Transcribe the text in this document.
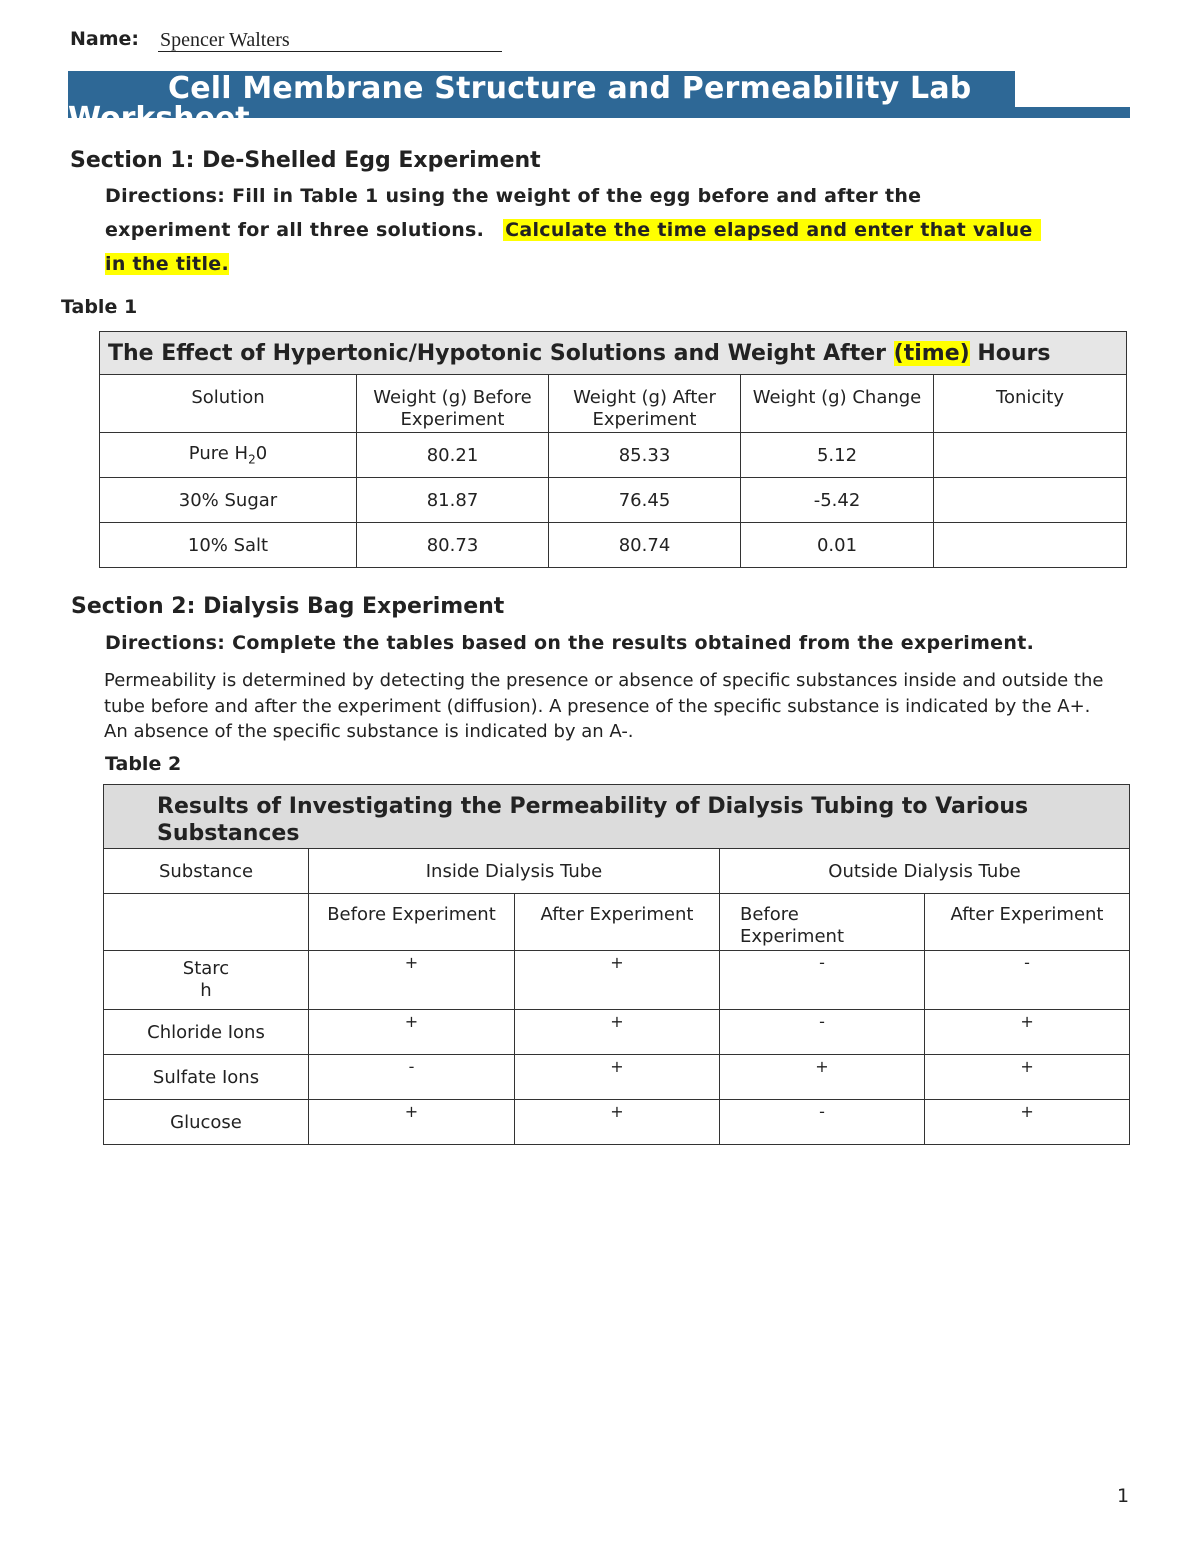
Name: Spencer Walters
Cell Membrane Structure and Permeability Lab
Worksheet
Section 1: De-Shelled Egg Experiment
Directions: Fill in Table 1 using the weight of the egg before and after the
experiment for all three solutions. Calculate the time elapsed and enter that value
in the title.
Table 1
The Effect of Hypertonic/Hypotonic Solutions and Weight After (time) Hours				
Solution	Weight (g) Before Experiment	Weight (g) After Experiment	Weight (g) Change	Tonicity
Pure $H_20$	80.21	85.33	5.12	
30% Sugar	81.87	76.45	-5.42	
10% Salt	80.73	80.74	0.01	
Section 2: Dialysis Bag Experiment
Directions: Complete the tables based on the results obtained from the experiment.
Permeability is determined by detecting the presence or absence of specific substances inside and outside the tube before and after the experiment (diffusion). A presence of the specific substance is indicated by the A+. An absence of the specific substance is indicated by an A-.
Table 2
Results of Investigating the Permeability of Dialysis Tubing to Various Substances				
Substance	Inside Dialysis Tube		Outside Dialysis Tube	
	Before Experiment	After Experiment	Before Experiment	After Experiment

Starc
h	+	+	-	-
Chloride Ions	+	+	-	+
Sulfate Ions	-	+	+	+
Glucose	+	+	-	+
1
